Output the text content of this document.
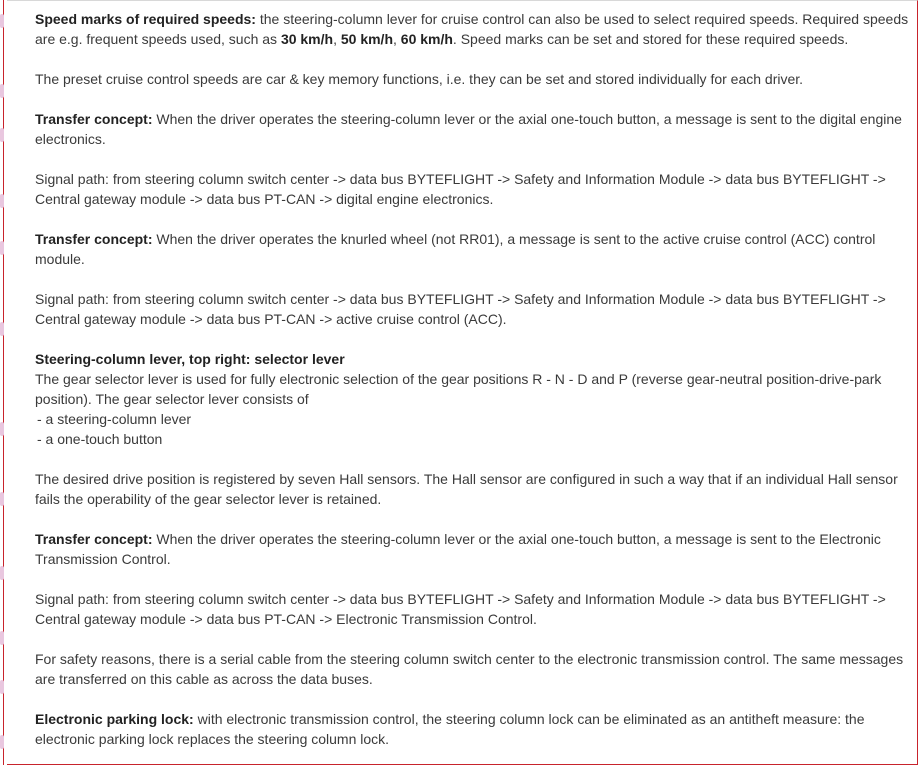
Speed marks of required speeds: the steering-column lever for cruise control can also be used to select required speeds. Required speeds are e.g. frequent speeds used, such as 30 km/h, 50 km/h, 60 km/h. Speed marks can be set and stored for these required speeds.

The preset cruise control speeds are car & key memory functions, i.e. they can be set and stored individually for each driver.

Transfer concept: When the driver operates the steering-column lever or the axial one-touch button, a message is sent to the digital engine electronics.

Signal path: from steering column switch center -> data bus BYTEFLIGHT -> Safety and Information Module -> data bus BYTEFLIGHT -> Central gateway module -> data bus PT-CAN -> digital engine electronics.

Transfer concept: When the driver operates the knurled wheel (not RR01), a message is sent to the active cruise control (ACC) control module.

Signal path: from steering column switch center -> data bus BYTEFLIGHT -> Safety and Information Module -> data bus BYTEFLIGHT -> Central gateway module -> data bus PT-CAN -> active cruise control (ACC).

Steering-column lever, top right: selector lever

The gear selector lever is used for fully electronic selection of the gear positions R - N - D and P (reverse gear-neutral position-drive-park position). The gear selector lever consists of

- a steering-column lever
- a one-touch button

The desired drive position is registered by seven Hall sensors. The Hall sensor are configured in such a way that if an individual Hall sensor fails the operability of the gear selector lever is retained.

Transfer concept: When the driver operates the steering-column lever or the axial one-touch button, a message is sent to the Electronic Transmission Control.

Signal path: from steering column switch center -> data bus BYTEFLIGHT -> Safety and Information Module -> data bus BYTEFLIGHT -> Central gateway module -> data bus PT-CAN -> Electronic Transmission Control.

For safety reasons, there is a serial cable from the steering column switch center to the electronic transmission control. The same messages are transferred on this cable as across the data buses.

Electronic parking lock: with electronic transmission control, the steering column lock can be eliminated as an antitheft measure: the electronic parking lock replaces the steering column lock.
